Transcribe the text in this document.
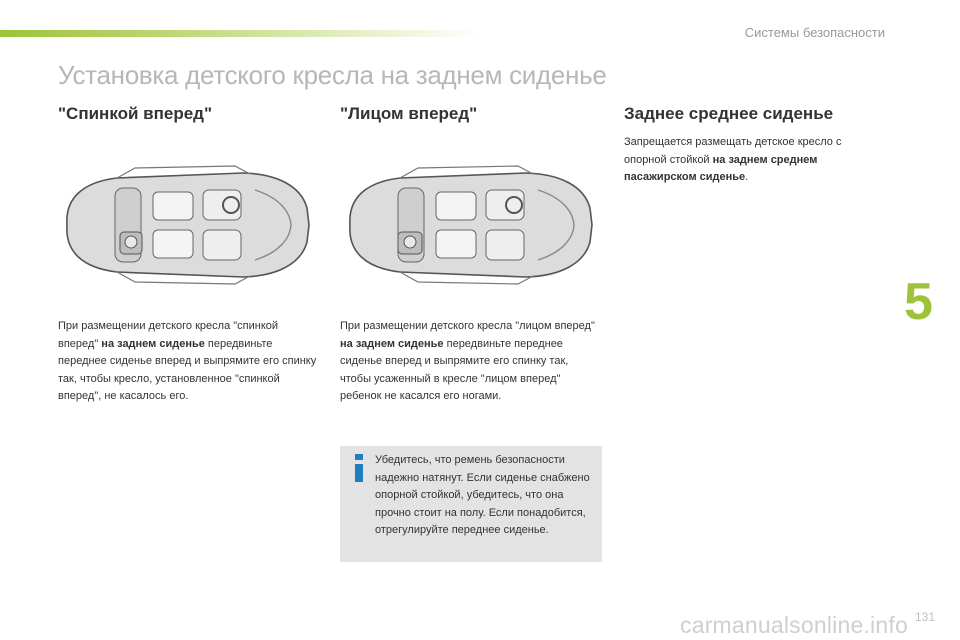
Системы безопасности
Установка детского кресла на заднем сиденье
"Спинкой вперед"
При размещении детского кресла "спинкой вперед" на заднем сиденье передвиньте переднее сиденье вперед и выпрямите его спинку так, чтобы кресло, установленное "спинкой вперед", не касалось его.
"Лицом вперед"
При размещении детского кресла "лицом вперед" на заднем сиденье передвиньте переднее сиденье вперед и выпрямите его спинку так, чтобы усаженный в кресле "лицом вперед" ребенок не касался его ногами.
Убедитесь, что ремень безопасности надежно натянут. Если сиденье снабжено опорной стойкой, убедитесь, что она прочно стоит на полу. Если понадобится, отрегулируйте переднее сиденье.
Заднее среднее сиденье
Запрещается размещать детское кресло с опорной стойкой на заднем среднем пасажирском сиденье.
5
carmanualsonline.info 131
